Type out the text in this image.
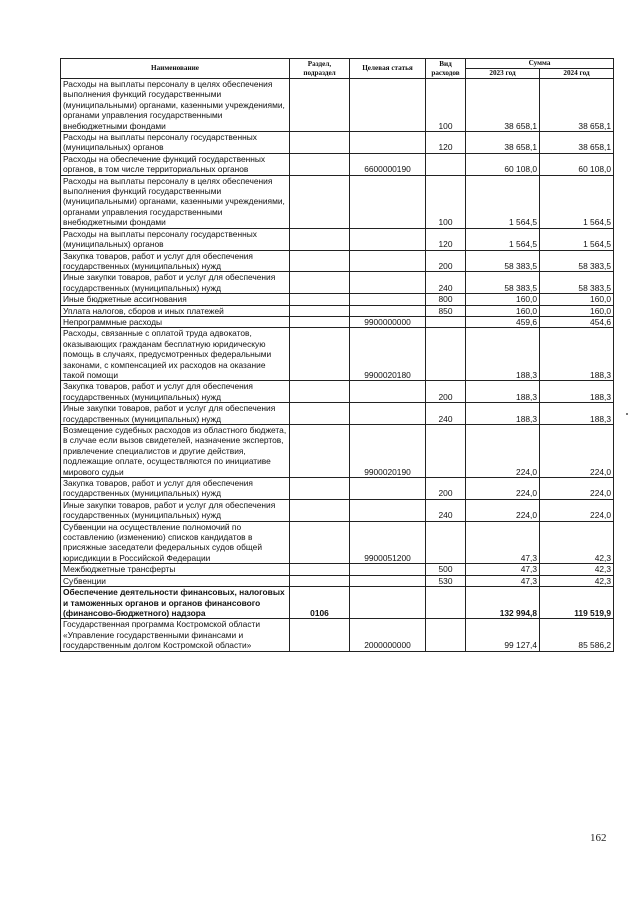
Наименование	Раздел, подраздел	Целевая статья	Вид расходов	Сумма	
				2023 год	2024 год
Расходы на выплаты персоналу в целях обеспечения выполнения функций государственными (муниципальными) органами, казенными учреждениями, органами управления государственными внебюджетными фондами			100	38 658,1	38 658,1
Расходы на выплаты персоналу государственных (муниципальных) органов			120	38 658,1	38 658,1
Расходы на обеспечение функций государственных органов, в том числе территориальных органов		6600000190		60 108,0	60 108,0
Расходы на выплаты персоналу в целях обеспечения выполнения функций государственными (муниципальными) органами, казенными учреждениями, органами управления государственными внебюджетными фондами			100	1 564,5	1 564,5
Расходы на выплаты персоналу государственных (муниципальных) органов			120	1 564,5	1 564,5
Закупка товаров, работ и услуг для обеспечения государственных (муниципальных) нужд			200	58 383,5	58 383,5
Иные закупки товаров, работ и услуг для обеспечения государственных (муниципальных) нужд			240	58 383,5	58 383,5
Иные бюджетные ассигнования			800	160,0	160,0
Уплата налогов, сборов и иных платежей			850	160,0	160,0
Непрограммные расходы		9900000000		459,6	454,6
Расходы, связанные с оплатой труда адвокатов, оказывающих гражданам бесплатную юридическую помощь в случаях, предусмотренных федеральными законами, с компенсацией их расходов на оказание такой помощи		9900020180		188,3	188,3
Закупка товаров, работ и услуг для обеспечения государственных (муниципальных) нужд			200	188,3	188,3
Иные закупки товаров, работ и услуг для обеспечения государственных (муниципальных) нужд			240	188,3	188,3
Возмещение судебных расходов из областного бюджета, в случае если вызов свидетелей, назначение экспертов, привлечение специалистов и другие действия, подлежащие оплате, осуществляются по инициативе мирового судьи		9900020190		224,0	224,0
Закупка товаров, работ и услуг для обеспечения государственных (муниципальных) нужд			200	224,0	224,0
Иные закупки товаров, работ и услуг для обеспечения государственных (муниципальных) нужд			240	224,0	224,0
Субвенции на осуществление полномочий по составлению (изменению) списков кандидатов в присяжные заседатели федеральных судов общей юрисдикции в Российской Федерации		9900051200		47,3	42,3
Межбюджетные трансферты			500	47,3	42,3
Субвенции			530	47,3	42,3
Обеспечение деятельности финансовых, налоговых и таможенных органов и органов финансового (финансово-бюджетного) надзора	0106			132 994,8	119 519,9
Государственная программа Костромской области «Управление государственными финансами и государственным долгом Костромской области»		2000000000		99 127,4	85 586,2
162
